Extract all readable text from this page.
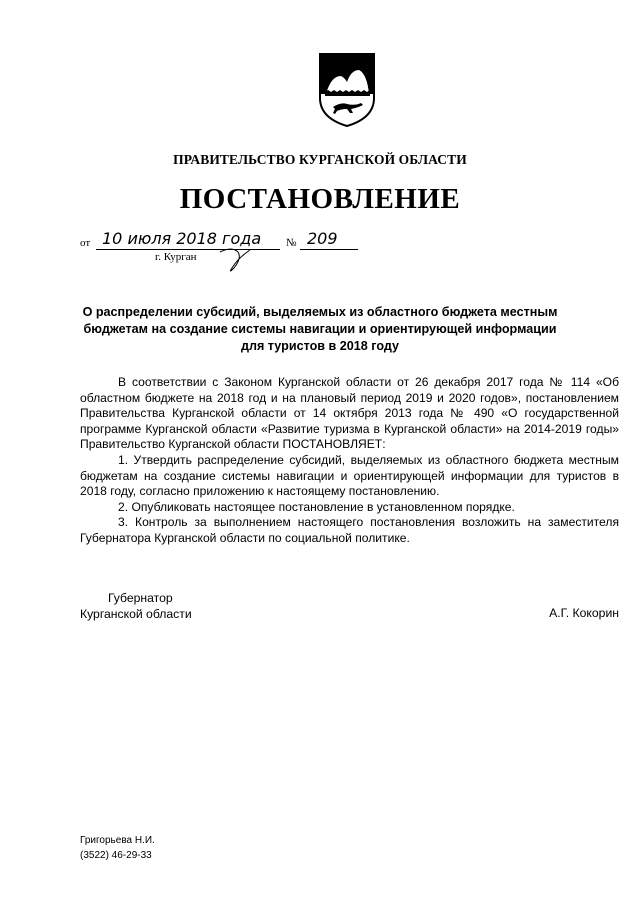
ПРАВИТЕЛЬСТВО КУРГАНСКОЙ ОБЛАСТИ
ПОСТАНОВЛЕНИЕ
от 10 июля 2018 года № 209
г. Курган
О распределении субсидий, выделяемых из областного бюджета местным бюджетам на создание системы навигации и ориентирующей информации для туристов в 2018 году

В соответствии с Законом Курганской области от 26 декабря 2017 года № 114 «Об областном бюджете на 2018 год и на плановый период 2019 и 2020 годов», постановлением Правительства Курганской области от 14 октября 2013 года № 490 «О государственной программе Курганской области «Развитие туризма в Курганской области» на 2014-2019 годы» Правительство Курганской области ПОСТАНОВЛЯЕТ:

1. Утвердить распределение субсидий, выделяемых из областного бюджета местным бюджетам на создание системы навигации и ориентирующей информации для туристов в 2018 году, согласно приложению к настоящему постановлению.

2. Опубликовать настоящее постановление в установленном порядке.

3. Контроль за выполнением настоящего постановления возложить на заместителя Губернатора Курганской области по социальной политике.

Губернатор
Курганской области	А.Г. Кокорин
Григорьева Н.И.
(3522) 46-29-33
